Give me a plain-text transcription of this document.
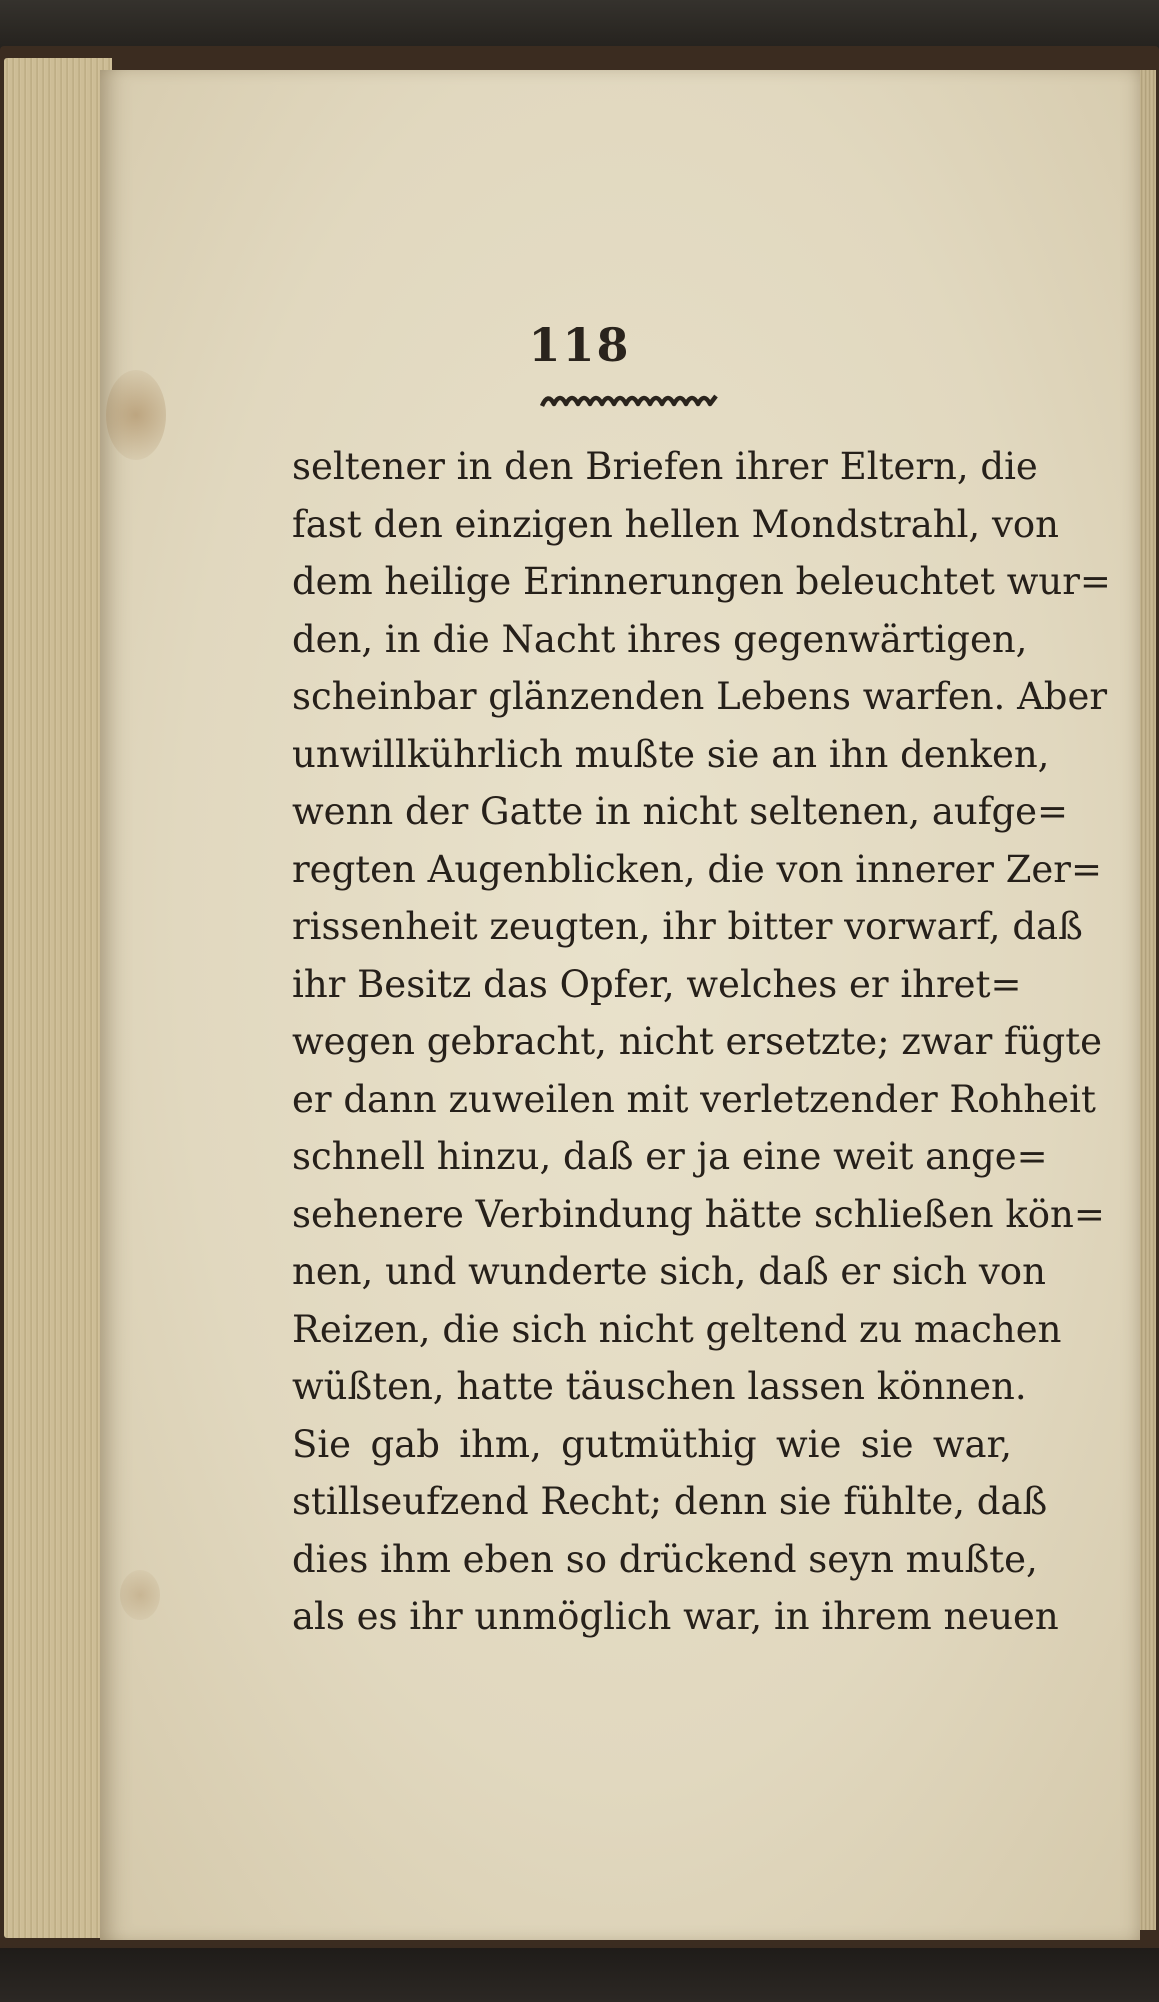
118
seltener in den Briefen ihrer Eltern, die
fast den einzigen hellen Mondstrahl, von
dem heilige Erinnerungen beleuchtet wur=
den, in die Nacht ihres gegenwärtigen,
scheinbar glänzenden Lebens warfen. Aber
unwillkührlich mußte sie an ihn denken,
wenn der Gatte in nicht seltenen, aufge=
regten Augenblicken, die von innerer Zer=
rissenheit zeugten, ihr bitter vorwarf, daß
ihr Besitz das Opfer, welches er ihret=
wegen gebracht, nicht ersetzte; zwar fügte
er dann zuweilen mit verletzender Rohheit
schnell hinzu, daß er ja eine weit ange=
sehenere Verbindung hätte schließen kön=
nen, und wunderte sich, daß er sich von
Reizen, die sich nicht geltend zu machen
wüßten, hatte täuschen lassen können.
Sie gab ihm, gutmüthig wie sie war,
stillseufzend Recht; denn sie fühlte, daß
dies ihm eben so drückend seyn mußte,
als es ihr unmöglich war, in ihrem neuen
